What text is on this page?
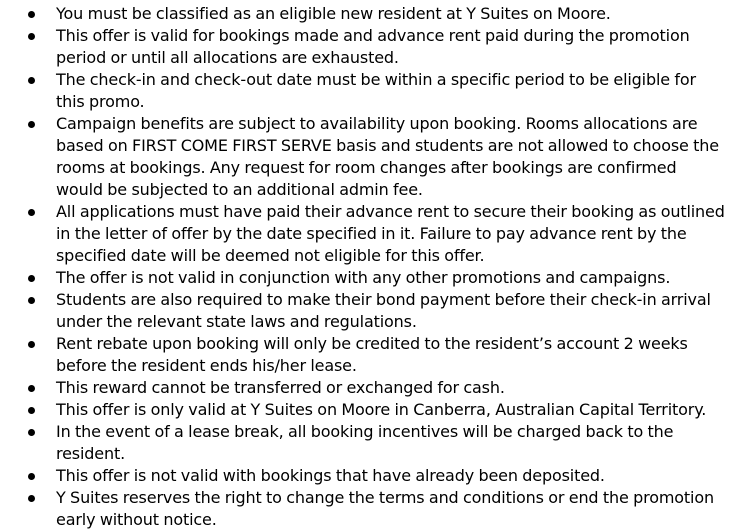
You must be classified as an eligible new resident at Y Suites on Moore.
This offer is valid for bookings made and advance rent paid during the promotion period or until all allocations are exhausted.
The check-in and check-out date must be within a specific period to be eligible for this promo.
Campaign benefits are subject to availability upon booking. Rooms allocations are based on FIRST COME FIRST SERVE basis and students are not allowed to choose the rooms at bookings. Any request for room changes after bookings are confirmed would be subjected to an additional admin fee.
All applications must have paid their advance rent to secure their booking as outlined in the letter of offer by the date specified in it. Failure to pay advance rent by the specified date will be deemed not eligible for this offer.
The offer is not valid in conjunction with any other promotions and campaigns.
Students are also required to make their bond payment before their check-in arrival under the relevant state laws and regulations.
Rent rebate upon booking will only be credited to the resident’s account 2 weeks before the resident ends his/her lease.
This reward cannot be transferred or exchanged for cash.
This offer is only valid at Y Suites on Moore in Canberra, Australian Capital Territory.
In the event of a lease break, all booking incentives will be charged back to the resident.
This offer is not valid with bookings that have already been deposited.
Y Suites reserves the right to change the terms and conditions or end the promotion early without notice.
